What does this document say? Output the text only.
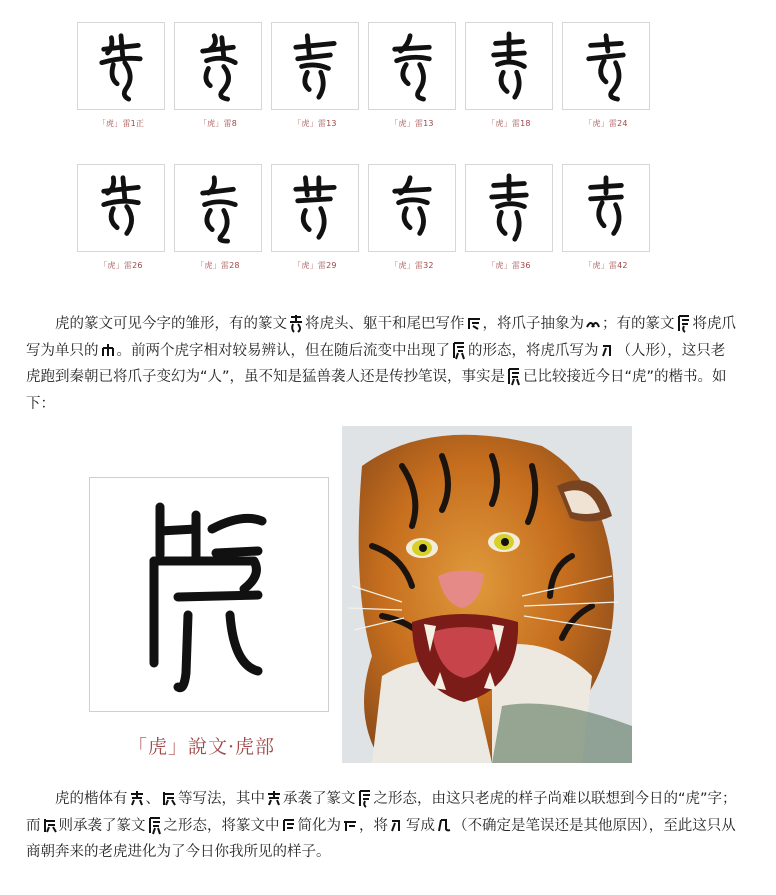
「虎」雷1正	「虎」雷8	「虎」雷13	「虎」雷13	「虎」雷18	「虎」雷24
「虎」雷26	「虎」雷28	「虎」雷29	「虎」雷32	「虎」雷36	「虎」雷42

虎的篆文可见今字的雏形，有的篆文 将虎头、躯干和尾巴写作 ，将爪子抽象为 ；有的篆文 将虎爪写为单只的 。前两个虎字相对较易辨认，但在随后流变中出现了 的形态，将虎爪写为 （人形），这只老虎跑到秦朝已将爪子变幻为“人”，虽不知是猛兽袭人还是传抄笔误，事实是 已比较接近今日“虎”的楷书。如下：

「虎」說文·虎部

虎的楷体有 、 等写法，其中 承袭了篆文 之形态，由这只老虎的样子尚难以联想到今日的“虎”字；而 则承袭了篆文 之形态，将篆文中 简化为 ，将 写成 （不确定是笔误还是其他原因），至此这只从商朝奔来的老虎进化为了今日你我所见的样子。
